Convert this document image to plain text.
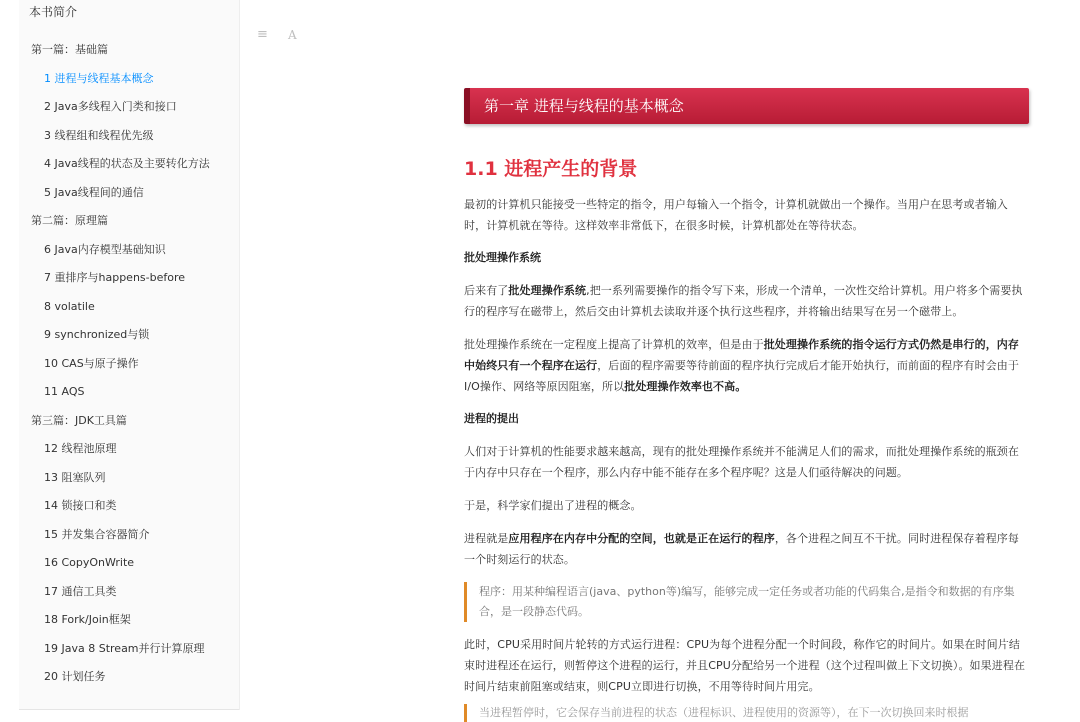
本书简介
第一篇：基础篇
1 进程与线程基本概念
2 Java多线程入门类和接口
3 线程组和线程优先级
4 Java线程的状态及主要转化方法
5 Java线程间的通信
第二篇：原理篇
6 Java内存模型基础知识
7 重排序与happens-before
8 volatile
9 synchronized与锁
10 CAS与原子操作
11 AQS
第三篇：JDK工具篇
12 线程池原理
13 阻塞队列
14 锁接口和类
15 并发集合容器简介
16 CopyOnWrite
17 通信工具类
18 Fork/Join框架
19 Java 8 Stream并行计算原理
20 计划任务
≡ A
第一章 进程与线程的基本概念
1.1 进程产生的背景
最初的计算机只能接受一些特定的指令，用户每输入一个指令，计算机就做出一个操作。当用户在思考或者输入时，计算机就在等待。这样效率非常低下，在很多时候，计算机都处在等待状态。
批处理操作系统
后来有了批处理操作系统,把一系列需要操作的指令写下来，形成一个清单，一次性交给计算机。用户将多个需要执行的程序写在磁带上，然后交由计算机去读取并逐个执行这些程序，并将输出结果写在另一个磁带上。
批处理操作系统在一定程度上提高了计算机的效率，但是由于批处理操作系统的指令运行方式仍然是串行的，内存中始终只有一个程序在运行，后面的程序需要等待前面的程序执行完成后才能开始执行，而前面的程序有时会由于I/O操作、网络等原因阻塞，所以批处理操作效率也不高。
进程的提出
人们对于计算机的性能要求越来越高，现有的批处理操作系统并不能满足人们的需求，而批处理操作系统的瓶颈在于内存中只存在一个程序，那么内存中能不能存在多个程序呢？这是人们亟待解决的问题。
于是，科学家们提出了进程的概念。
进程就是应用程序在内存中分配的空间，也就是正在运行的程序，各个进程之间互不干扰。同时进程保存着程序每一个时刻运行的状态。
程序：用某种编程语言(java、python等)编写，能够完成一定任务或者功能的代码集合,是指令和数据的有序集合，是一段静态代码。
此时，CPU采用时间片轮转的方式运行进程：CPU为每个进程分配一个时间段，称作它的时间片。如果在时间片结束时进程还在运行，则暂停这个进程的运行，并且CPU分配给另一个进程（这个过程叫做上下文切换）。如果进程在时间片结束前阻塞或结束，则CPU立即进行切换，不用等待时间片用完。
当进程暂停时，它会保存当前进程的状态（进程标识、进程使用的资源等），在下一次切换回来时根据
